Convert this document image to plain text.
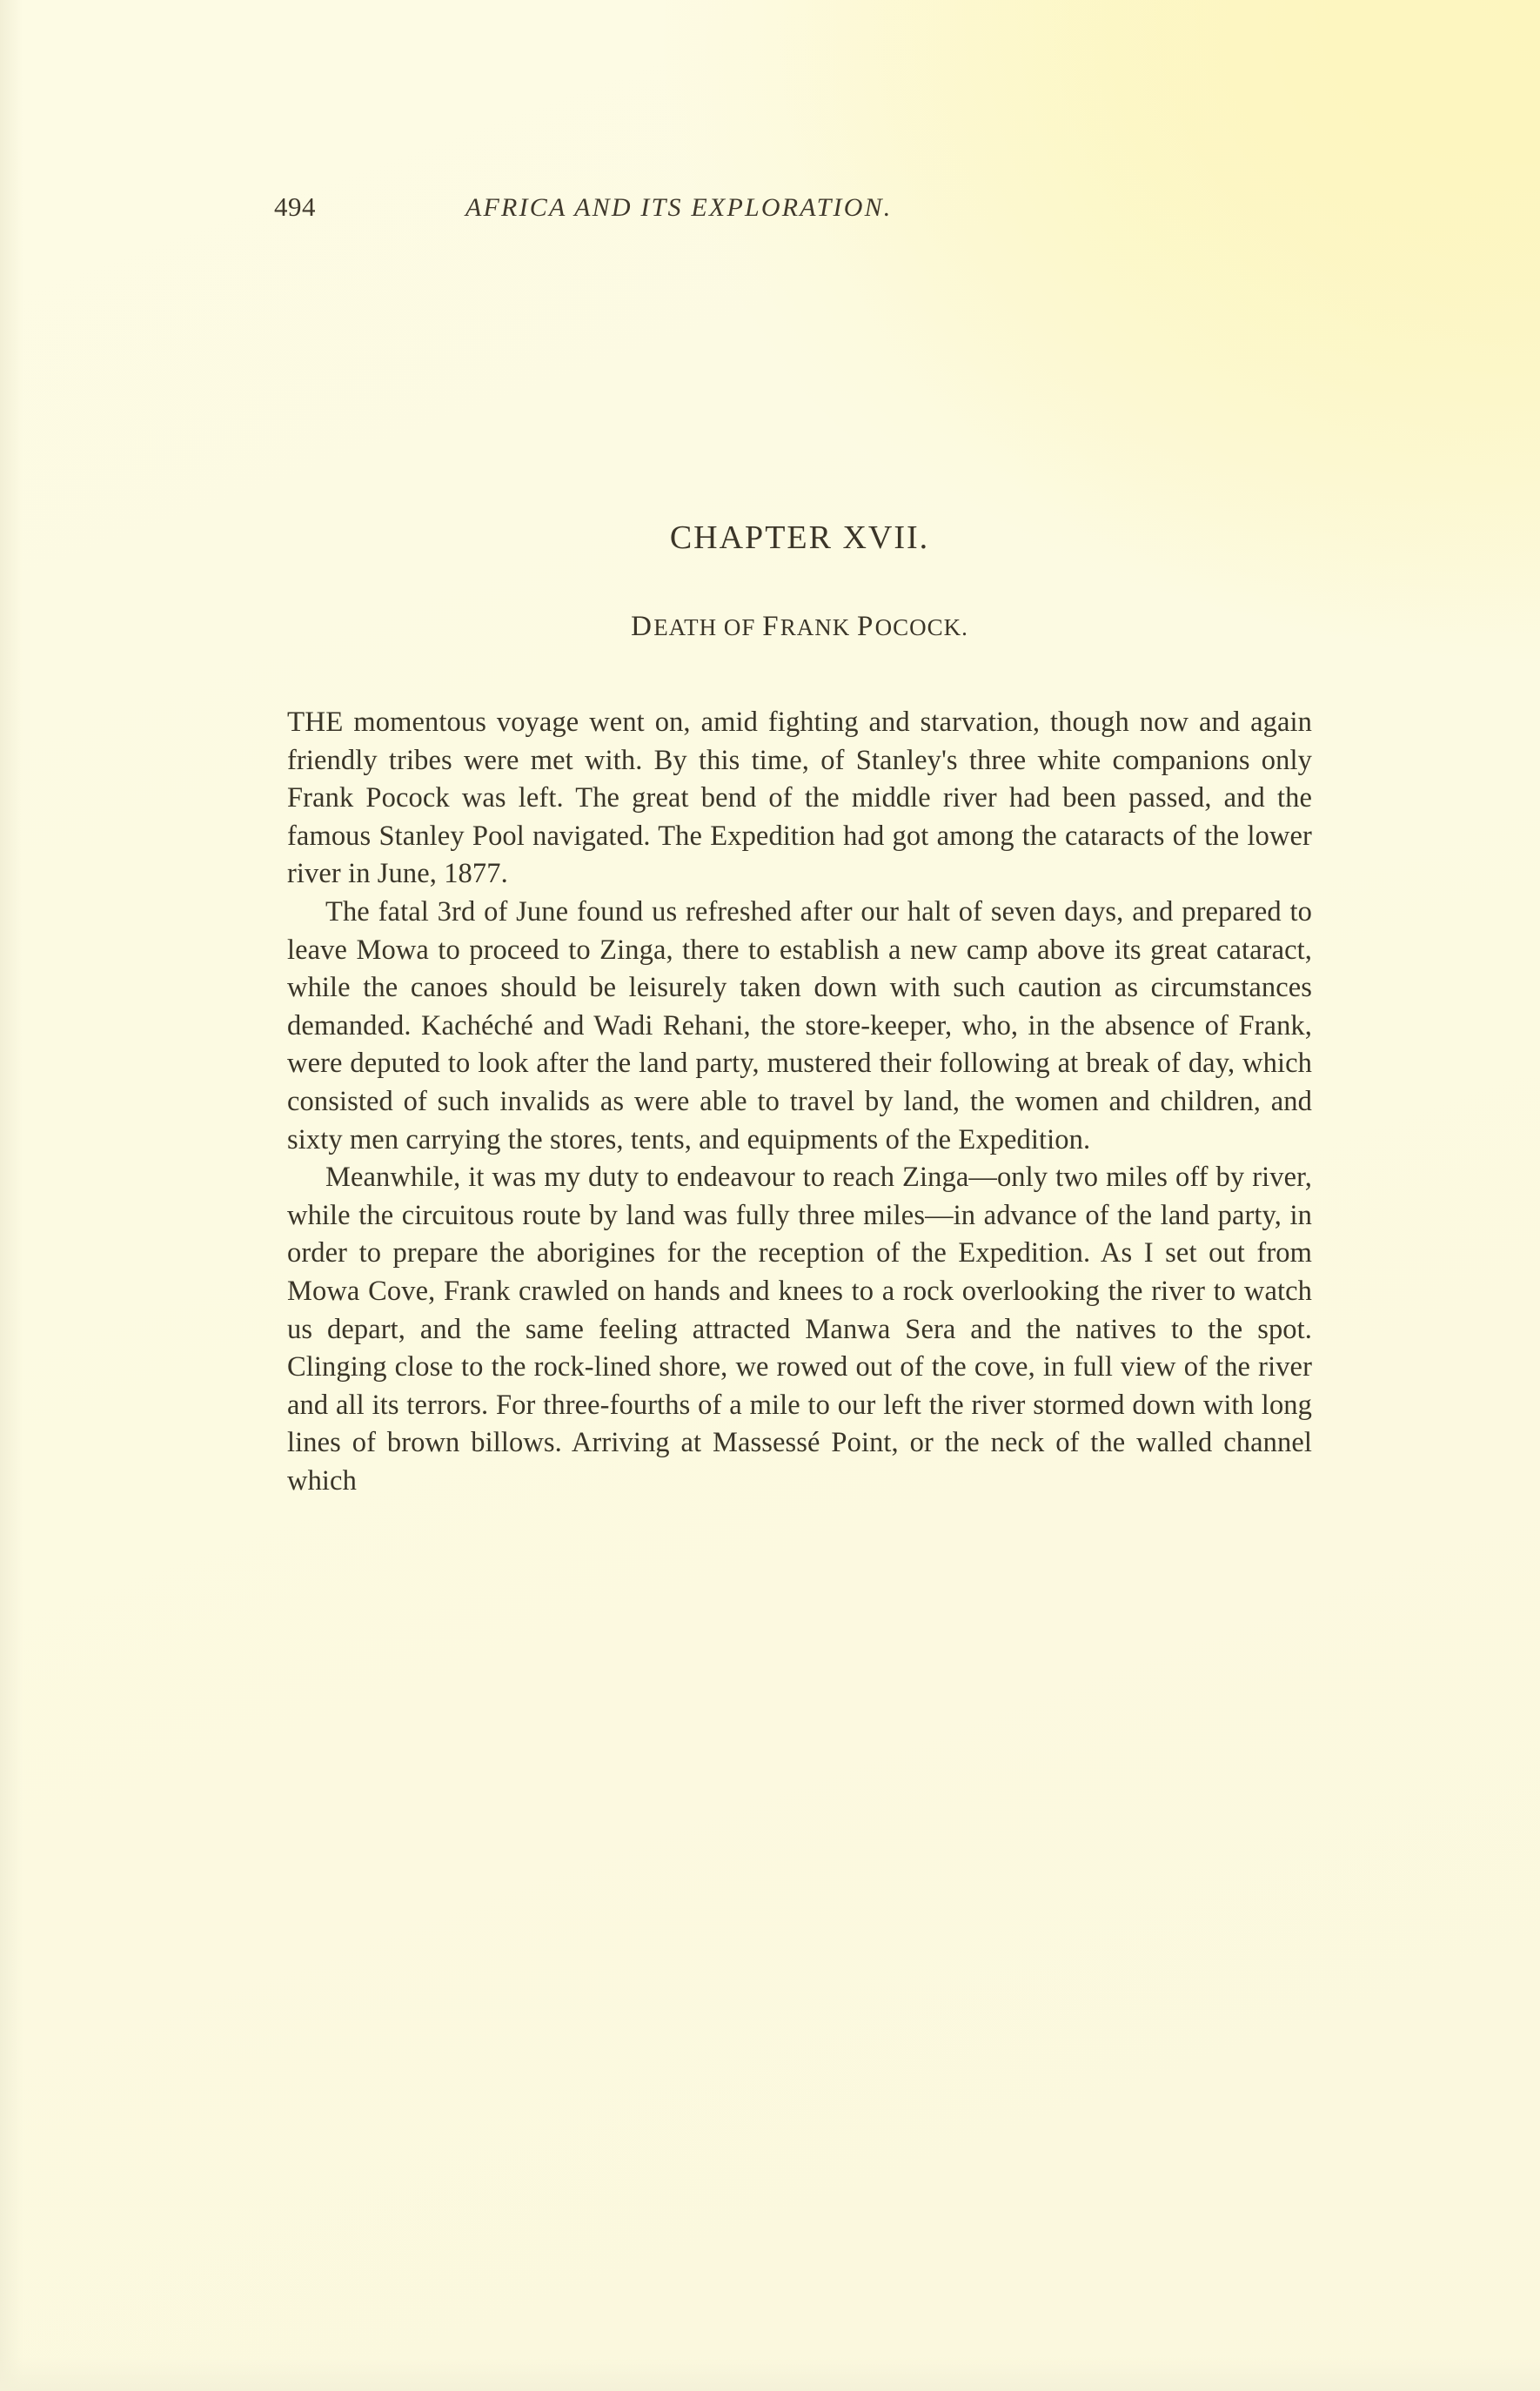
494	AFRICA AND ITS EXPLORATION.
CHAPTER XVII.
DEATH OF FRANK POCOCK.

THE momentous voyage went on, amid fighting and starvation, though now and again friendly tribes were met with. By this time, of Stanley's three white companions only Frank Pocock was left. The great bend of the middle river had been passed, and the famous Stanley Pool navigated. The Expedition had got among the cataracts of the lower river in June, 1877.

The fatal 3rd of June found us refreshed after our halt of seven days, and prepared to leave Mowa to proceed to Zinga, there to establish a new camp above its great cataract, while the canoes should be leisurely taken down with such caution as circumstances demanded. Kachéché and Wadi Rehani, the store-keeper, who, in the absence of Frank, were deputed to look after the land party, mustered their following at break of day, which consisted of such invalids as were able to travel by land, the women and children, and sixty men carrying the stores, tents, and equipments of the Expedition.

Meanwhile, it was my duty to endeavour to reach Zinga—only two miles off by river, while the circuitous route by land was fully three miles—in advance of the land party, in order to prepare the aborigines for the reception of the Expedition. As I set out from Mowa Cove, Frank crawled on hands and knees to a rock overlooking the river to watch us depart, and the same feeling attracted Manwa Sera and the natives to the spot. Clinging close to the rock-lined shore, we rowed out of the cove, in full view of the river and all its terrors. For three-fourths of a mile to our left the river stormed down with long lines of brown billows. Arriving at Massessé Point, or the neck of the walled channel which
